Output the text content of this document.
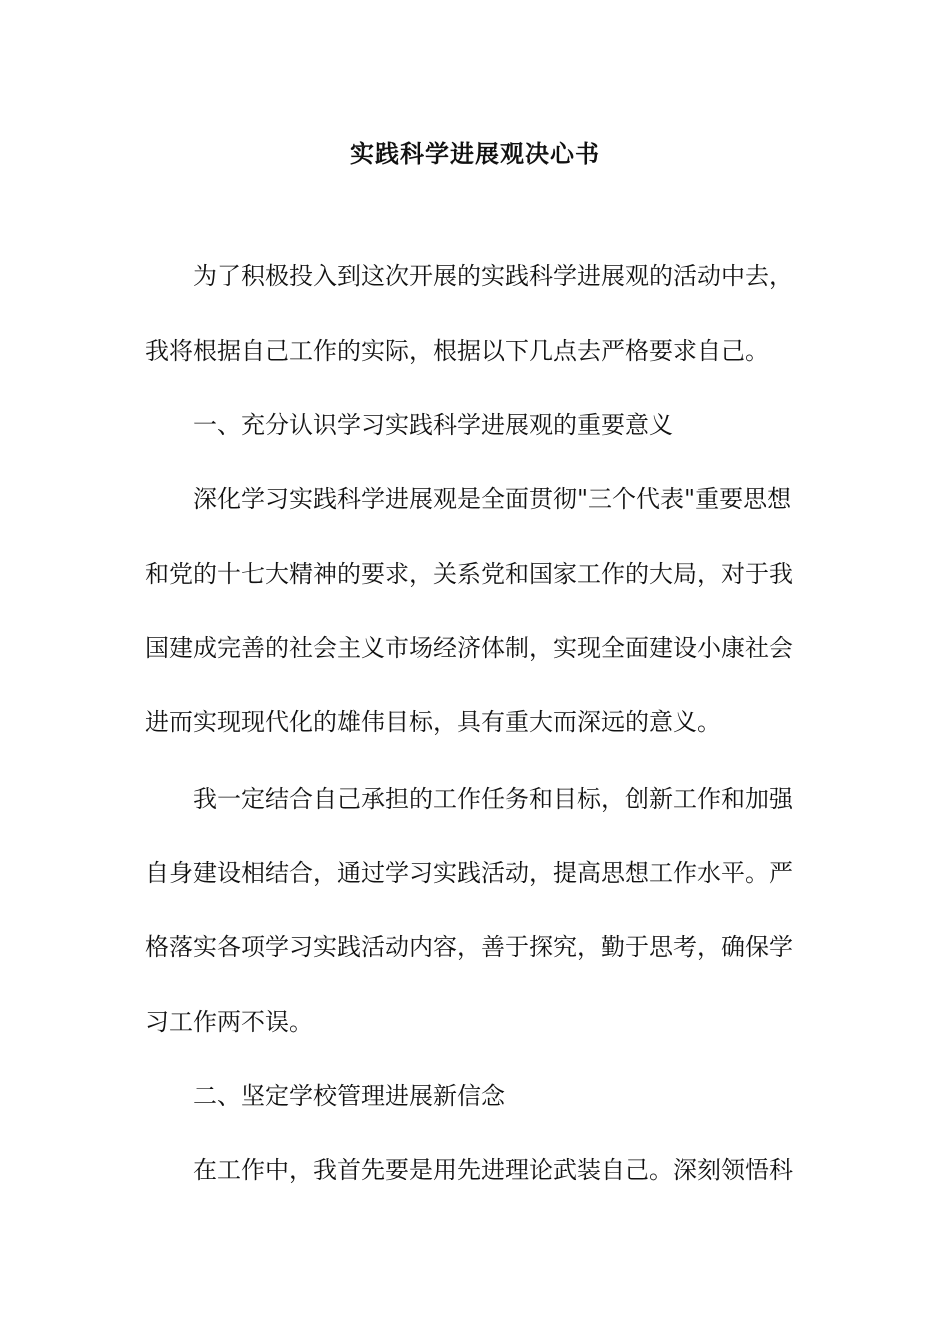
实践科学进展观决心书
为了积极投入到这次开展的实践科学进展观的活动中去，
我将根据自己工作的实际，根据以下几点去严格要求自己。
一、充分认识学习实践科学进展观的重要意义
深化学习实践科学进展观是全面贯彻"三个代表"重要思想
和党的十七大精神的要求，关系党和国家工作的大局，对于我
国建成完善的社会主义市场经济体制，实现全面建设小康社会
进而实现现代化的雄伟目标，具有重大而深远的意义。
我一定结合自己承担的工作任务和目标，创新工作和加强
自身建设相结合，通过学习实践活动，提高思想工作水平。严
格落实各项学习实践活动内容，善于探究，勤于思考，确保学
习工作两不误。
二、坚定学校管理进展新信念
在工作中，我首先要是用先进理论武装自己。深刻领悟科
